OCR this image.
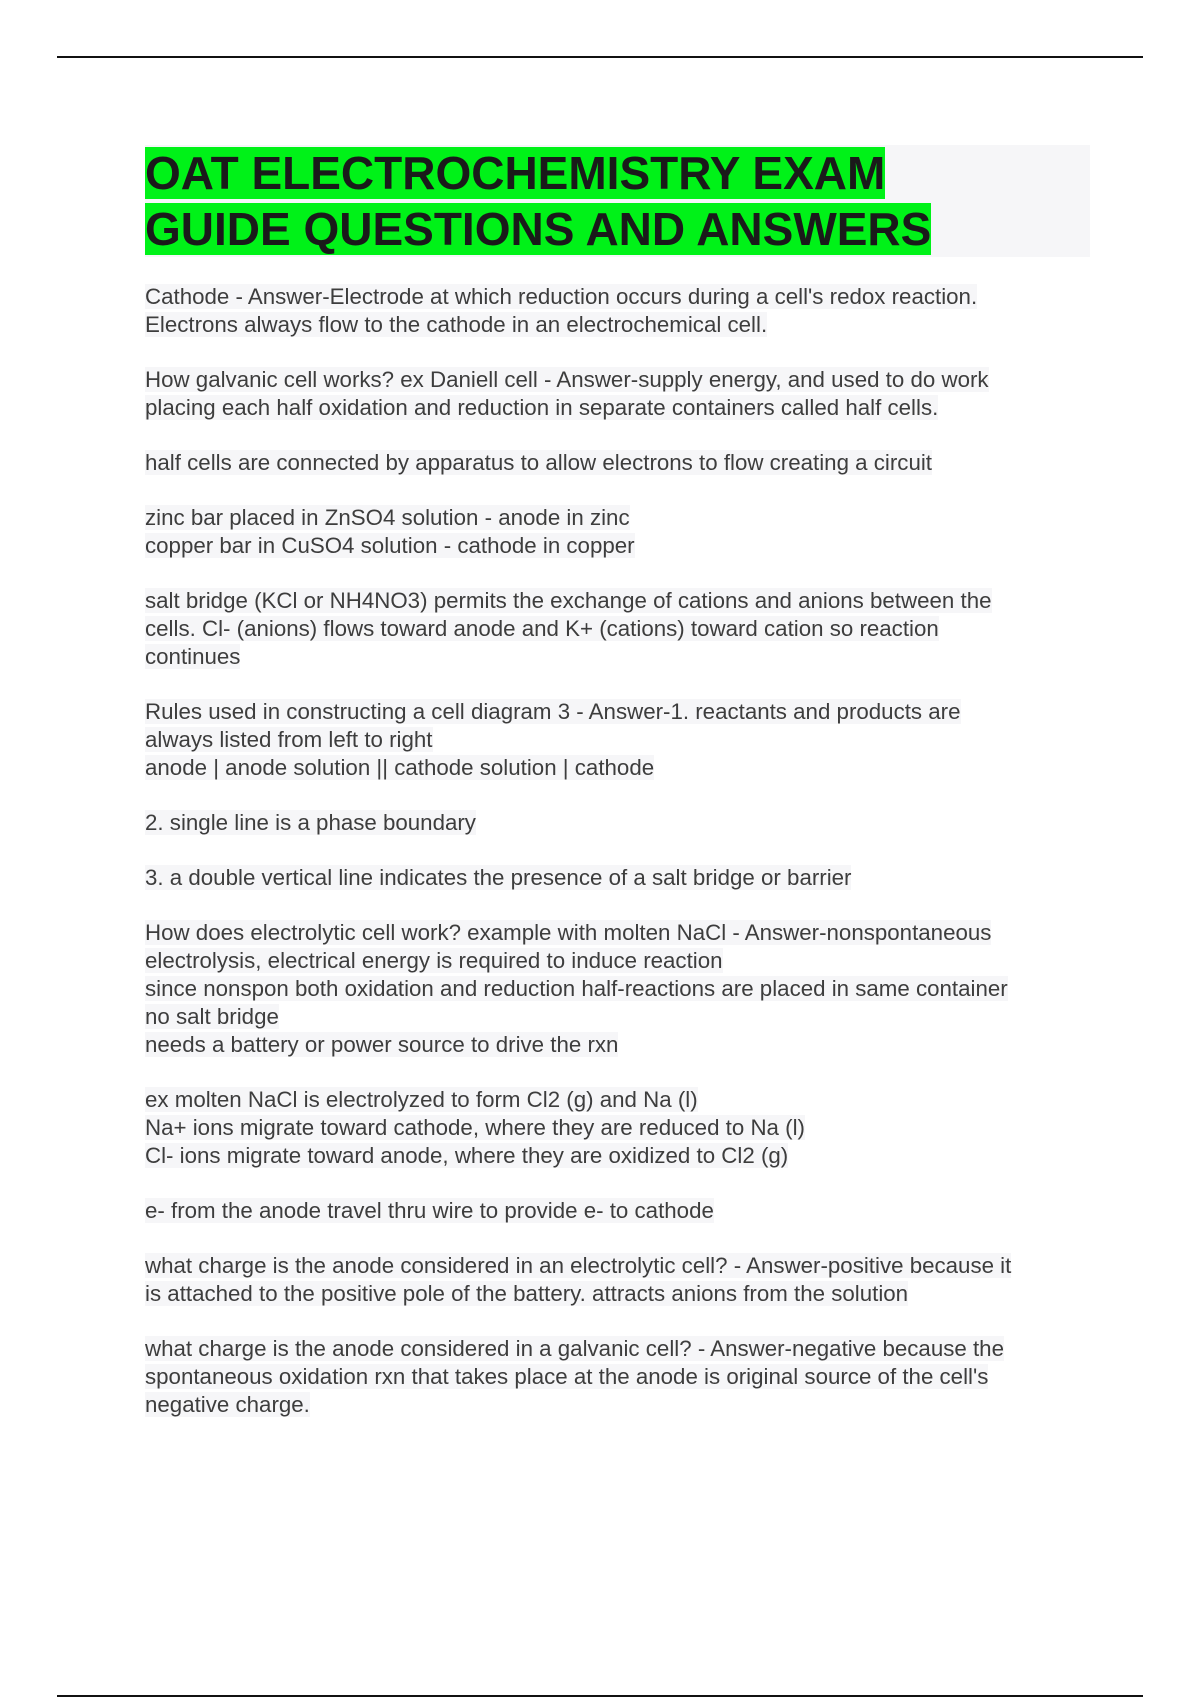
OAT ELECTROCHEMISTRY EXAM
GUIDE QUESTIONS AND ANSWERS

Cathode - Answer-Electrode at which reduction occurs during a cell's redox reaction.
Electrons always flow to the cathode in an electrochemical cell.

How galvanic cell works? ex Daniell cell - Answer-supply energy, and used to do work
placing each half oxidation and reduction in separate containers called half cells.

half cells are connected by apparatus to allow electrons to flow creating a circuit

zinc bar placed in ZnSO4 solution - anode in zinc
copper bar in CuSO4 solution - cathode in copper

salt bridge (KCl or NH4NO3) permits the exchange of cations and anions between the
cells. Cl- (anions) flows toward anode and K+ (cations) toward cation so reaction
continues

Rules used in constructing a cell diagram 3 - Answer-1. reactants and products are
always listed from left to right
anode | anode solution || cathode solution | cathode

2. single line is a phase boundary

3. a double vertical line indicates the presence of a salt bridge or barrier

How does electrolytic cell work? example with molten NaCl - Answer-nonspontaneous
electrolysis, electrical energy is required to induce reaction
since nonspon both oxidation and reduction half-reactions are placed in same container
no salt bridge
needs a battery or power source to drive the rxn

ex molten NaCl is electrolyzed to form Cl2 (g) and Na (l)
Na+ ions migrate toward cathode, where they are reduced to Na (l)
Cl- ions migrate toward anode, where they are oxidized to Cl2 (g)

e- from the anode travel thru wire to provide e- to cathode

what charge is the anode considered in an electrolytic cell? - Answer-positive because it
is attached to the positive pole of the battery. attracts anions from the solution

what charge is the anode considered in a galvanic cell? - Answer-negative because the
spontaneous oxidation rxn that takes place at the anode is original source of the cell's
negative charge.
